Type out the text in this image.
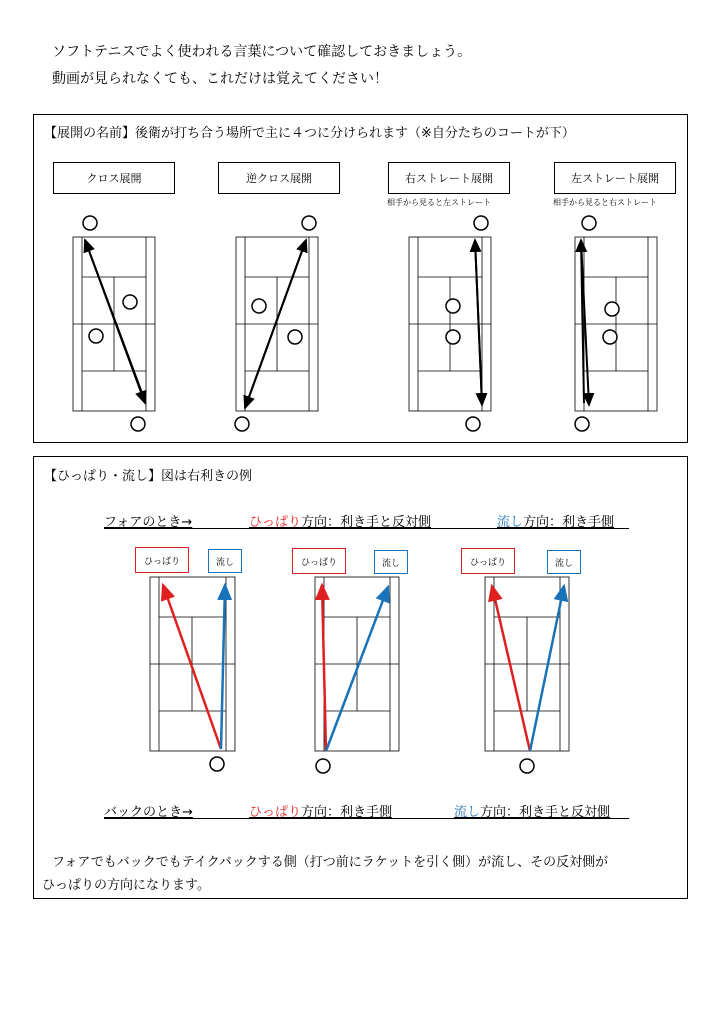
ソフトテニスでよく使われる言葉について確認しておきましょう。
動画が見られなくても、これだけは覚えてください！
【展開の名前】後衛が打ち合う場所で主に４つに分けられます（※自分たちのコートが下）
クロス展開	逆クロス展開	右ストレート展開	左ストレート展開
相手から見ると左ストレート	相手から見ると右ストレート
【ひっぱり・流し】図は右利きの例
フォアのとき→	ひっぱり方向：利き手と反対側	流し方向：利き手側
ひっぱり	流し	ひっぱり	流し	ひっぱり	流し
バックのとき→	ひっぱり方向：利き手側	流し方向：利き手と反対側
フォアでもバックでもテイクバックする側（打つ前にラケットを引く側）が流し、その反対側が
ひっぱりの方向になります。
